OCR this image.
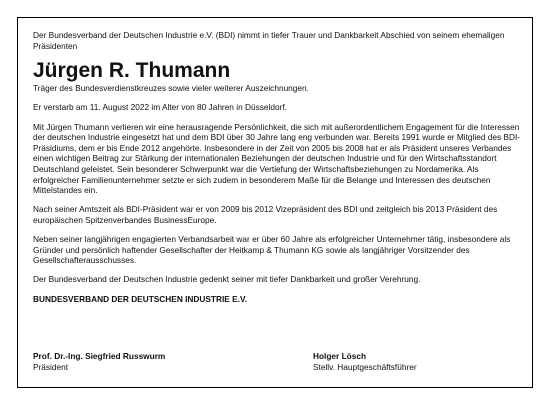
Der Bundesverband der Deutschen Industrie e.V. (BDI) nimmt in tiefer Trauer und Dankbarkeit Abschied von seinem ehemaligen Präsidenten

Jürgen R. Thumann

Träger des Bundesverdienstkreuzes sowie vieler weiterer Auszeichnungen.

Er verstarb am 11. August 2022 im Alter von 80 Jahren in Düsseldorf.

Mit Jürgen Thumann verlieren wir eine herausragende Persönlichkeit, die sich mit außerordentlichem Engagement für die Interessen der deutschen Industrie eingesetzt hat und dem BDI über 30 Jahre lang eng verbunden war. Bereits 1991 wurde er Mitglied des BDI-Präsidiums, dem er bis Ende 2012 angehörte. Insbesondere in der Zeit von 2005 bis 2008 hat er als Präsident unseres Verbandes einen wichtigen Beitrag zur Stärkung der internationalen Beziehungen der deutschen Industrie und für den Wirtschaftsstandort Deutschland geleistet. Sein besonderer Schwerpunkt war die Vertiefung der Wirtschaftsbeziehungen zu Nordamerika. Als erfolgreicher Familienunternehmer setzte er sich zudem in besonderem Maße für die Belange und Interessen des deutschen Mittelstandes ein.

Nach seiner Amtszeit als BDI-Präsident war er von 2009 bis 2012 Vizepräsident des BDI und zeitgleich bis 2013 Präsident des europäischen Spitzenverbandes BusinessEurope.

Neben seiner langjährigen engagierten Verbandsarbeit war er über 60 Jahre als erfolgreicher Unternehmer tätig, insbesondere als Gründer und persönlich haftender Gesellschafter der Heitkamp & Thumann KG sowie als langjähriger Vorsitzender des Gesellschafterausschusses.

Der Bundesverband der Deutschen Industrie gedenkt seiner mit tiefer Dankbarkeit und großer Verehrung.

BUNDESVERBAND DER DEUTSCHEN INDUSTRIE E.V.

Prof. Dr.-Ing. Siegfried Russwurm
Präsident
Holger Lösch
Stellv. Hauptgeschäftsführer
